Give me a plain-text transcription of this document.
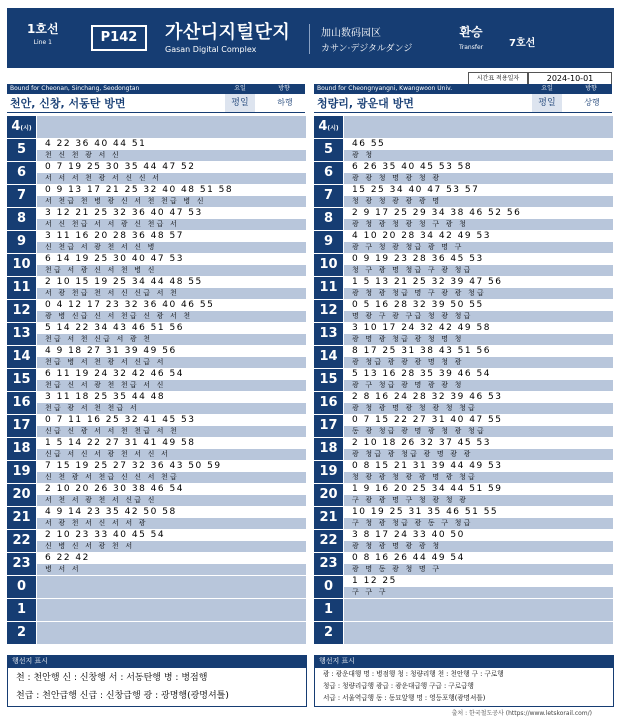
1호선
Line 1	P142	가산디지털단지
Gasan Digital Complex
加山数码园区
カサン·デジタルダンジ
환승
Transfer	7호선
시간표 적용일자	2024-10-01
Bound for Cheonan, Sinchang, Seodongtan	요일	방향
천안, 신창, 서동탄 방면	평일	하행
Bound for Cheongnyangni, Kwangwoon Univ.	요일	방향
청량리, 광운대 방면	평일	상행
4(시)
5	4 22 36 40 44 51
천 신 천 광 서 신
6	0 7 19 25 30 35 44 47 52
서 서 서 천 광 서 신 신 서
7	0 9 13 17 21 25 32 40 48 51 58
서 천급 천 병 광 신 서 천 천급 병 신
8	3 12 21 25 32 36 40 47 53
서 신 천급 서 서 광 신 천급 서
9	3 11 16 20 28 36 48 57
신 천급 서 광 천 서 신 병
10	6 14 19 25 30 40 47 53
천급 서 광 신 서 천 병 신
11	2 10 15 19 25 34 44 48 55
서 광 천급 천 서 신 신급 서 천
12	0 4 12 17 23 32 36 40 46 55
광 병 신급 신 서 천급 신 광 서 천
13	5 14 22 34 43 46 51 56
천급 서 천 신급 서 광 천
14	4 9 18 27 31 39 49 56
천급 병 서 천 광 서 신급 서
15	6 11 19 24 32 42 46 54
천급 신 서 광 천 천급 서 신
16	3 11 18 25 35 44 48
천급 광 서 천 천급 서
17	0 7 11 16 25 32 41 45 53
신급 신 광 서 서 천 천급 서 천
18	1 5 14 22 27 31 41 49 58
신급 서 신 서 광 천 서 신 서
19	7 15 19 25 27 32 36 43 50 59
신 천 광 서 천급 신 신 서 천급
20	2 10 20 26 30 38 46 54
서 천 서 광 천 서 신급 신
21	4 9 14 23 35 42 50 58
서 광 천 서 신 서 서 광
22	2 10 23 33 40 45 54
신 병 신 서 광 천 서
23	6 22 42
병 서 서
0
1
2
4(시)
5	46 55
광 청
6	6 26 35 40 45 53 58
광 광 청 명 광 청 광
7	15 25 34 40 47 53 57
청 광 청 광 광 광 명
8	2 9 17 25 29 34 38 46 52 56
광 청 광 청 광 청 구 광 청
9	4 10 20 28 34 42 49 53
광 구 청 광 청급 광 명 구
10	0 9 19 23 28 36 45 53
청 구 광 명 청급 구 광 청급
11	1 5 13 21 25 32 39 47 56
광 청 광 청급 명 구 광 광 청급
12	0 5 16 28 32 39 50 55
명 광 구 광 구급 청 광 청급
13	3 10 17 24 32 42 49 58
광 명 광 청급 광 청 명 청
14	8 17 25 31 38 43 51 56
광 청급 광 광 광 명 청 광
15	5 13 16 28 35 39 46 54
광 구 청급 광 명 광 광 청
16	2 8 16 24 28 32 39 46 53
광 청 광 명 광 청 광 청 청급
17	0 7 15 22 27 31 40 47 55
동 광 청급 광 명 광 청 광 청급
18	2 10 18 26 32 37 45 53
광 청급 광 청급 광 명 광 광
19	0 8 15 21 31 39 44 49 53
청 광 광 청 광 광 명 광 청급
20	1 9 16 20 25 34 44 51 59
구 광 광 명 구 청 광 청 광
21	10 19 25 31 35 46 51 55
구 청 광 청급 광 동 구 청급
22	3 8 17 24 33 40 50
광 청 광 명 광 광 청
23	0 8 16 26 44 49 54
광 명 동 광 청 명 구
0	1 12 25
구 구 구
1
2
행선지 표시
천 : 천안행 신 : 신창행 서 : 서동탄행 병 : 병점행
천급 : 천안급행 신급 : 신창급행 광 : 광명행(광명셔틀)
행선지 표시
광 : 광운대행 명 : 병점행 청 : 청량리행 천 : 천안행 구 : 구로행
청급 : 청량리급행 광급 : 광운대급행 구급 : 구로급행
서급 : 서울역급행 동 : 동묘앞행 명 : 영등포행(광명셔틀)
출처 : 한국철도공사 (https://www.letskorail.com/)
